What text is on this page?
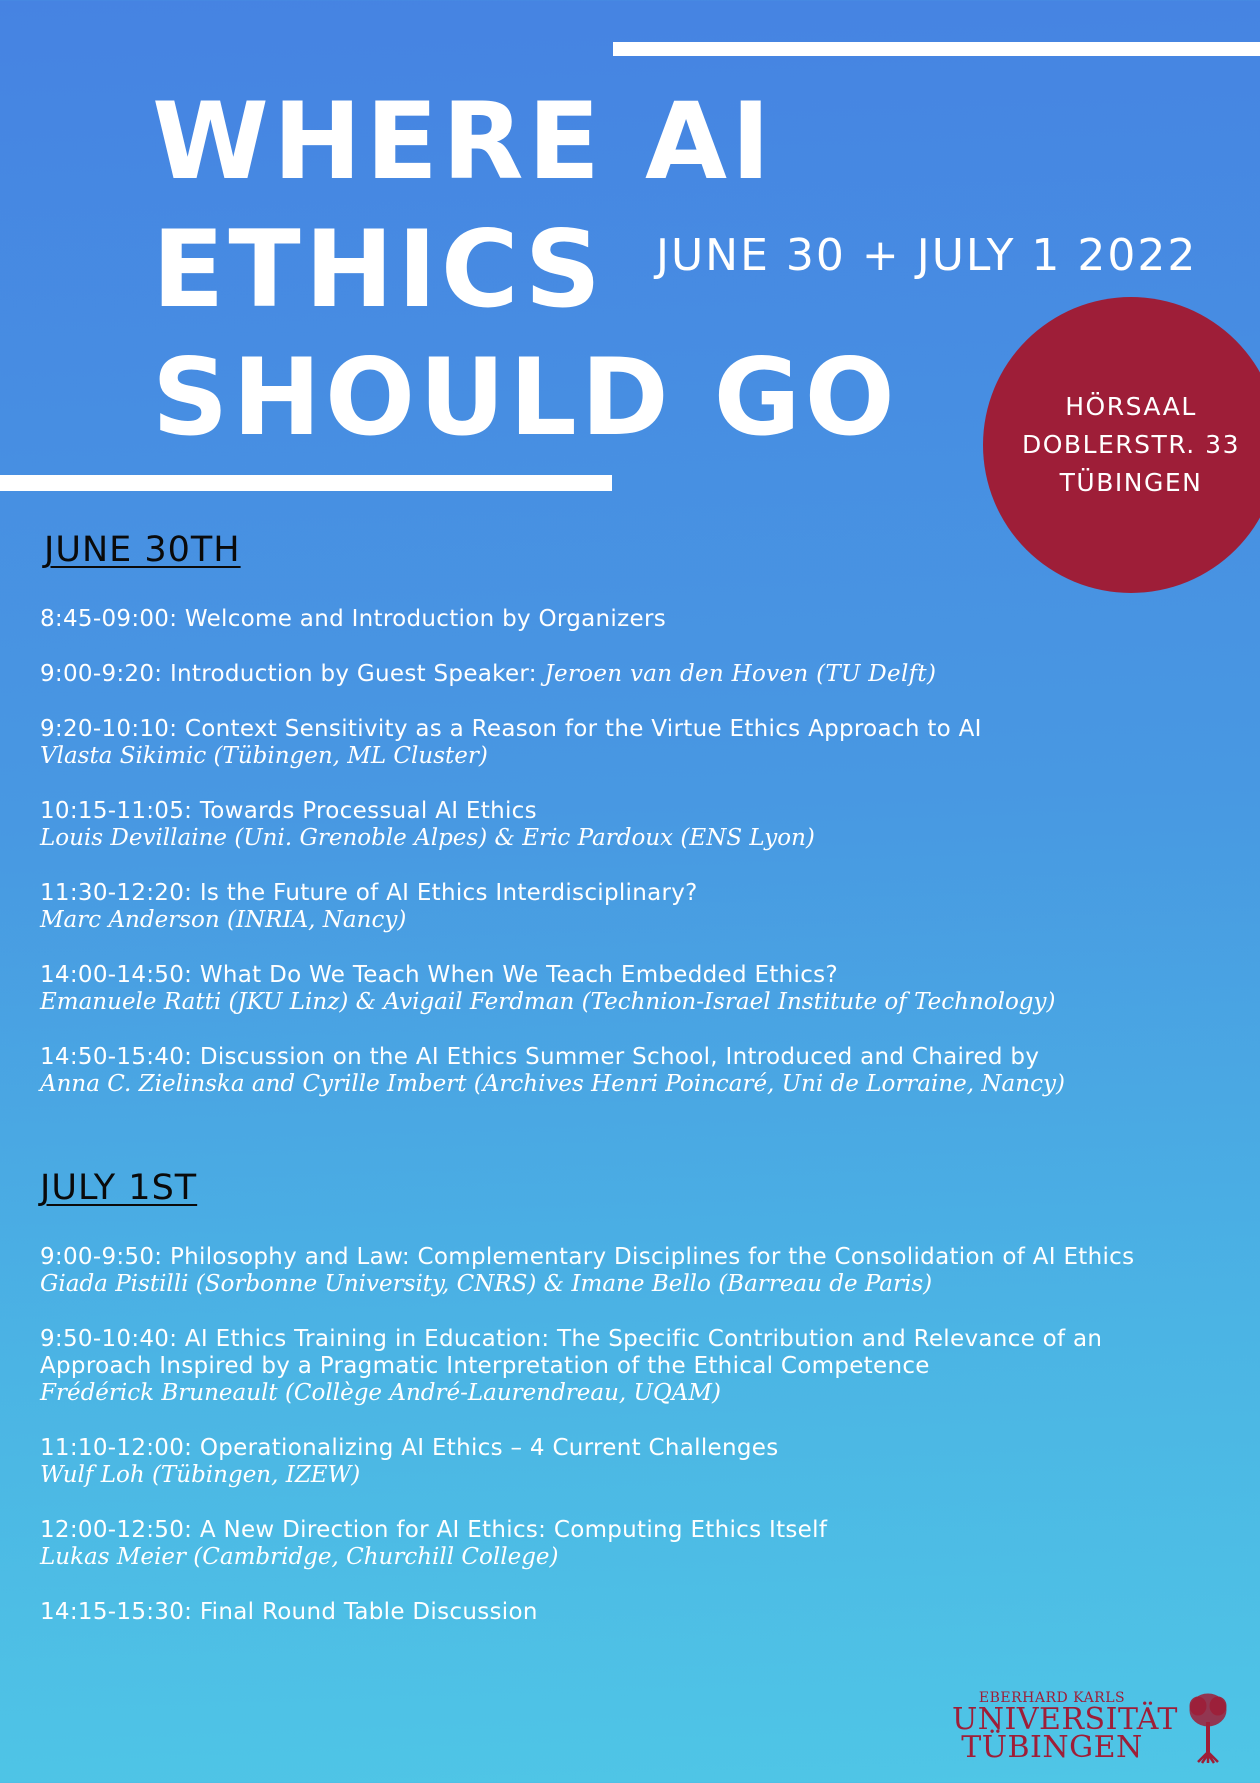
WHERE AI
ETHICS
SHOULD GO
JUNE 30 + JULY 1 2022
HÖRSAAL
DOBLERSTR. 33
TÜBINGEN
JUNE 30TH
8:45-09:00: Welcome and Introduction by Organizers
9:00-9:20: Introduction by Guest Speaker: Jeroen van den Hoven (TU Delft)
9:20-10:10: Context Sensitivity as a Reason for the Virtue Ethics Approach to AI
Vlasta Sikimic (Tübingen, ML Cluster)
10:15-11:05: Towards Processual AI Ethics
Louis Devillaine (Uni. Grenoble Alpes) & Eric Pardoux (ENS Lyon)
11:30-12:20: Is the Future of AI Ethics Interdisciplinary?
Marc Anderson (INRIA, Nancy)
14:00-14:50: What Do We Teach When We Teach Embedded Ethics?
Emanuele Ratti (JKU Linz) & Avigail Ferdman (Technion-Israel Institute of Technology)
14:50-15:40: Discussion on the AI Ethics Summer School, Introduced and Chaired by
Anna C. Zielinska and Cyrille Imbert (Archives Henri Poincaré, Uni de Lorraine, Nancy)
JULY 1ST
9:00-9:50: Philosophy and Law: Complementary Disciplines for the Consolidation of AI Ethics
Giada Pistilli (Sorbonne University, CNRS) & Imane Bello (Barreau de Paris)
9:50-10:40: AI Ethics Training in Education: The Specific Contribution and Relevance of an Approach Inspired by a Pragmatic Interpretation of the Ethical Competence
Frédérick Bruneault (Collège André-Laurendreau, UQAM)
11:10-12:00: Operationalizing AI Ethics – 4 Current Challenges
Wulf Loh (Tübingen, IZEW)
12:00-12:50: A New Direction for AI Ethics: Computing Ethics Itself
Lukas Meier (Cambridge, Churchill College)
14:15-15:30: Final Round Table Discussion
EBERHARD KARLS
UNIVERSITÄT
TÜBINGEN
